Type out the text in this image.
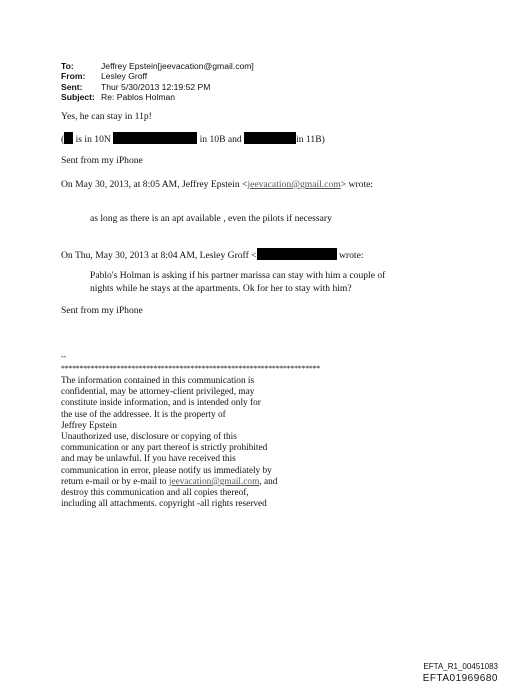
To:	Jeffrey Epstein[jeevacation@gmail.com]
From:	Lesley Groff
Sent:	Thur 5/30/2013 12:19:52 PM
Subject: Re: Pablos Holman
Yes, he can stay in 11p!
( is in 10N	in 10B and	in 11B)
Sent from my iPhone
On May 30, 2013, at 8:05 AM, Jeffrey Epstein <jeevacation@gmail.com> wrote:
as long as there is an apt available , even the pilots if necessary
On Thu, May 30, 2013 at 8:04 AM, Lesley Groff <	wrote:
Pablo's Holman is asking if his partner marissa can stay with him a couple of
nights while he stays at the apartments. Ok for her to stay with him?
Sent from my iPhone
--
**********************************************************************
The information contained in this communication is
confidential, may be attorney-client privileged, may
constitute inside information, and is intended only for
the use of the addressee. It is the property of
Jeffrey Epstein
Unauthorized use, disclosure or copying of this
communication or any part thereof is strictly prohibited
and may be unlawful. If you have received this
communication in error, please notify us immediately by
return e-mail or by e-mail to jeevacation@gmail.com, and
destroy this communication and all copies thereof,
including all attachments. copyright -all rights reserved
EFTA_R1_00451083
EFTA01969680
